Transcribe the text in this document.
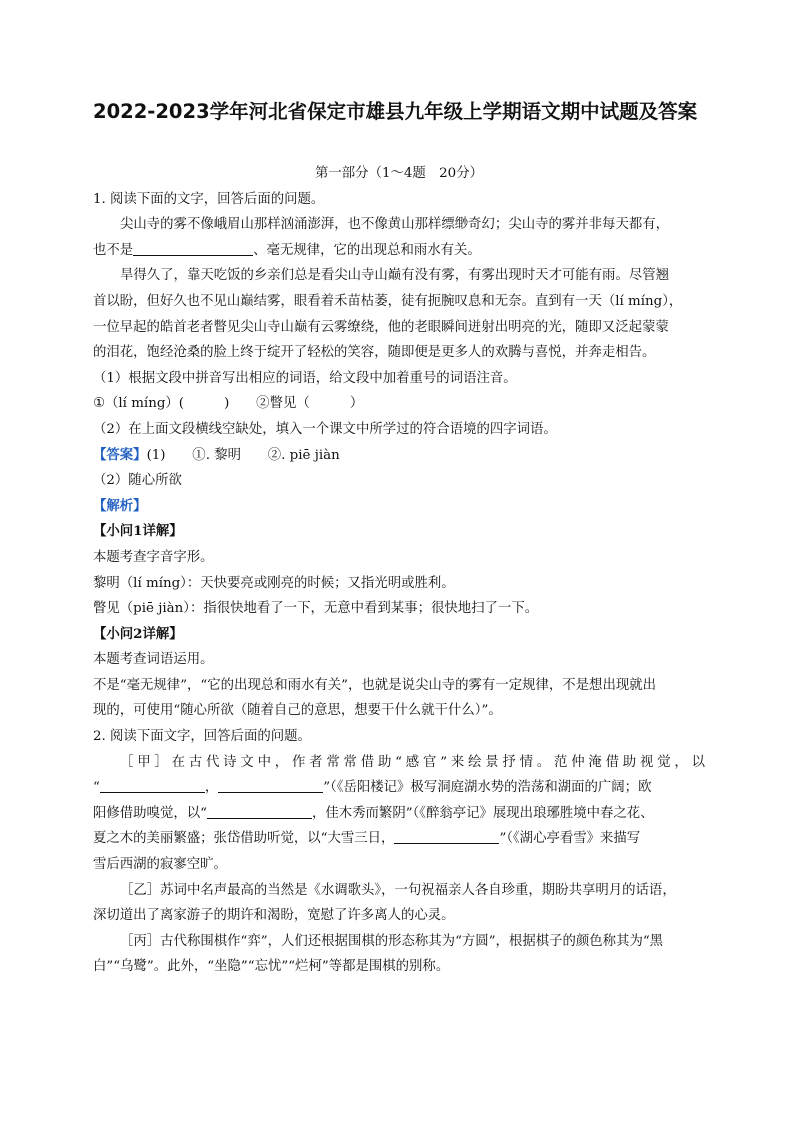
2022-2023学年河北省保定市雄县九年级上学期语文期中试题及答案
第一部分（1～4题　20分）
1. 阅读下面的文字，回答后面的问题。
尖山寺的雾不像峨眉山那样汹涌澎湃，也不像黄山那样缥缈奇幻；尖山寺的雾并非每天都有，
也不是	、毫无规律，它的出现总和雨水有关。
旱得久了，靠天吃饭的乡亲们总是看尖山寺山巅有没有雾，有雾出现时天才可能有雨。尽管翘
首以盼，但好久也不见山巅结雾，眼看着禾苗枯萎，徒有扼腕叹息和无奈。直到有一天（lí míng），
一位早起的皓首老者瞥见尖山寺山巅有云雾缭绕，他的老眼瞬间迸射出明亮的光，随即又泛起蒙蒙
的泪花，饱经沧桑的脸上终于绽开了轻松的笑容，随即便是更多人的欢腾与喜悦，并奔走相告。
（1）根据文段中拼音写出相应的词语，给文段中加着重号的词语注音。
①（lí míng）(　　　)　　②瞥见（　　　）
（2）在上面文段横线空缺处，填入一个课文中所学过的符合语境的四字词语。
【答案】(1)　　①. 黎明　　②. piē jiàn
（2）随心所欲
【解析】
【小问1详解】
本题考查字音字形。
黎明（lí míng）：天快要亮或刚亮的时候；又指光明或胜利。
瞥见（piē jiàn）：指很快地看了一下，无意中看到某事；很快地扫了一下。
【小问2详解】
本题考查词语运用。
不是“毫无规律”，“它的出现总和雨水有关”，也就是说尖山寺的雾有一定规律，不是想出现就出
现的，可使用“随心所欲（随着自己的意思，想要干什么就干什么）”。
2. 阅读下面文字，回答后面的问题。
［甲］在古代诗文中，作者常常借助“感官”来绘景抒情。范仲淹借助视觉，以
“	，	”（《岳阳楼记》极写洞庭湖水势的浩荡和湖面的广阔；欧
阳修借助嗅觉，以“	，佳木秀而繁阴”（《醉翁亭记》展现出琅琊胜境中春之花、
夏之木的美丽繁盛；张岱借助听觉，以“大雪三日，	”（《湖心亭看雪》来描写
雪后西湖的寂寥空旷。
［乙］苏词中名声最高的当然是《水调歌头》，一句祝福亲人各自珍重，期盼共享明月的话语，
深切道出了离家游子的期许和渴盼，宽慰了许多离人的心灵。
［丙］古代称围棋作“弈”，人们还根据围棋的形态称其为“方圆”，根据棋子的颜色称其为“黑
白”“乌鹭”。此外，“坐隐”“忘忧”“烂柯”等都是围棋的别称。
